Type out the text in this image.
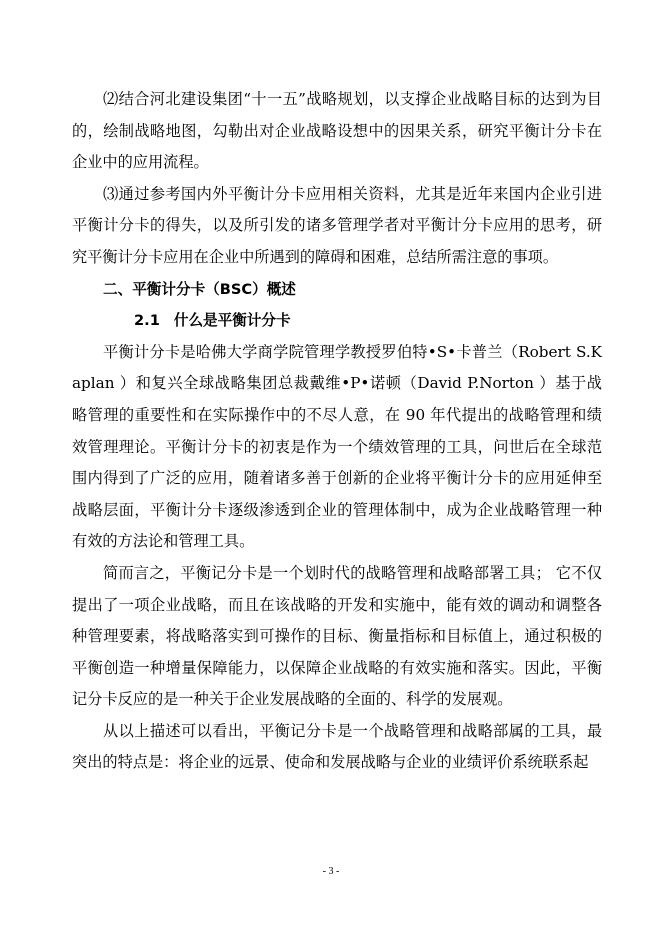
⑵结合河北建设集团“十一五”战略规划，以支撑企业战略目标的达到为目的，绘制战略地图，勾勒出对企业战略设想中的因果关系，研究平衡计分卡在企业中的应用流程。

⑶通过参考国内外平衡计分卡应用相关资料，尤其是近年来国内企业引进平衡计分卡的得失，以及所引发的诸多管理学者对平衡计分卡应用的思考，研究平衡计分卡应用在企业中所遇到的障碍和困难，总结所需注意的事项。

二、平衡计分卡（BSC）概述

2.1 什么是平衡计分卡

平衡计分卡是哈佛大学商学院管理学教授罗伯特•S•卡普兰（Robert S.Kaplan ）和复兴全球战略集团总裁戴维•P•诺顿（David P.Norton ）基于战略管理的重要性和在实际操作中的不尽人意，在 90 年代提出的战略管理和绩效管理理论。平衡计分卡的初衷是作为一个绩效管理的工具，问世后在全球范围内得到了广泛的应用，随着诸多善于创新的企业将平衡计分卡的应用延伸至战略层面，平衡计分卡逐级渗透到企业的管理体制中，成为企业战略管理一种有效的方法论和管理工具。

简而言之，平衡记分卡是一个划时代的战略管理和战略部署工具； 它不仅提出了一项企业战略，而且在该战略的开发和实施中，能有效的调动和调整各种管理要素，将战略落实到可操作的目标、衡量指标和目标值上，通过积极的平衡创造一种增量保障能力，以保障企业战略的有效实施和落实。因此，平衡记分卡反应的是一种关于企业发展战略的全面的、科学的发展观。

从以上描述可以看出，平衡记分卡是一个战略管理和战略部属的工具，最突出的特点是：将企业的远景、使命和发展战略与企业的业绩评价系统联系起

- 3 -
